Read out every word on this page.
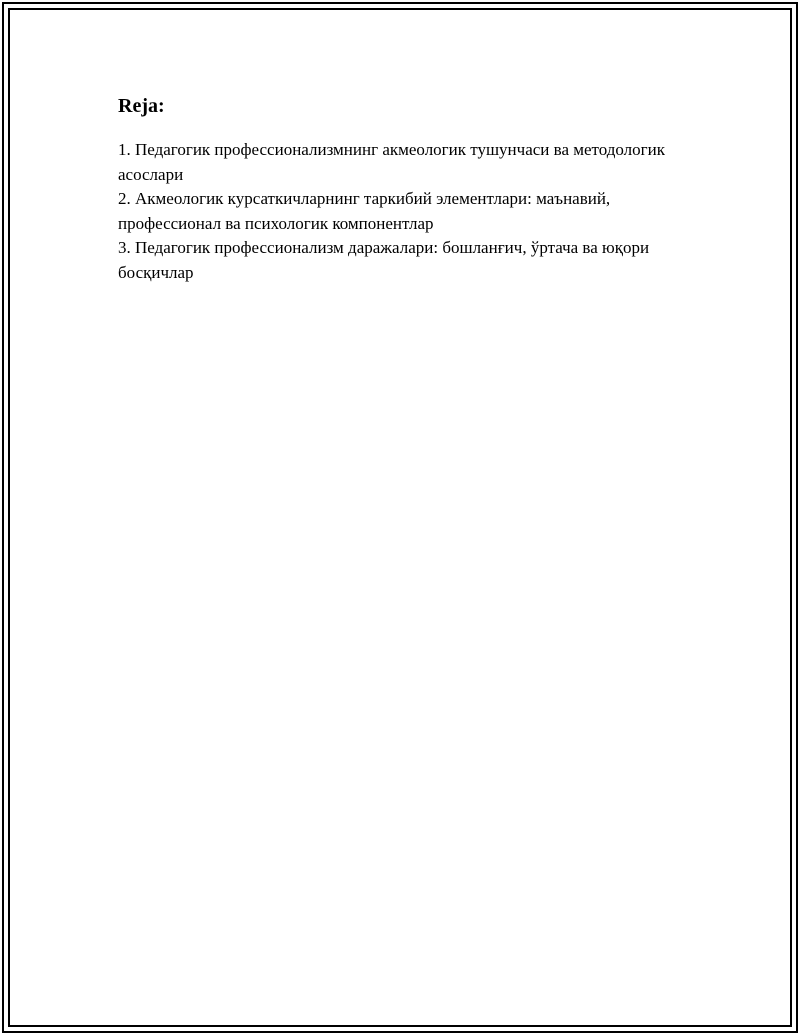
Reja:
1. Педагогик профессионализмнинг акмеологик тушунчаси ва методологик асослари
2. Акмеологик курсаткичларнинг таркибий элементлари: маънавий, профессионал ва психологик компонентлар
3. Педагогик профессионализм даражалари: бошланғич, ўртача ва юқори босқичлар
